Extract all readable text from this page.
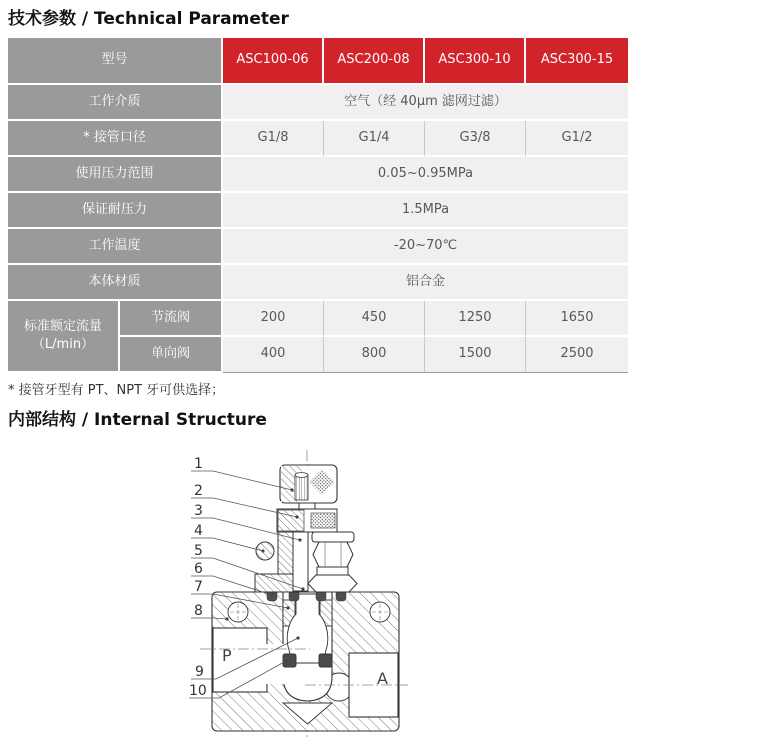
技术参数 / Technical Parameter
型号		ASC100-06	ASC200-08	ASC300-10	ASC300-15
工作介质		空气（经 40μm 滤网过滤）			
* 接管口径		G1/8	G1/4	G3/8	G1/2
使用压力范围		0.05~0.95MPa			
保证耐压力		1.5MPa			
工作温度		-20~70℃			
本体材质		铝合金			

标准额定流量
（L/min）	节流阀	200	450	1250	1650
	单向阀	400	800	1500	2500
* 接管牙型有 PT、NPT 牙可供选择；
内部结构 / Internal Structure
P
A
1
2
3
4
5
6
7
8
9
10
